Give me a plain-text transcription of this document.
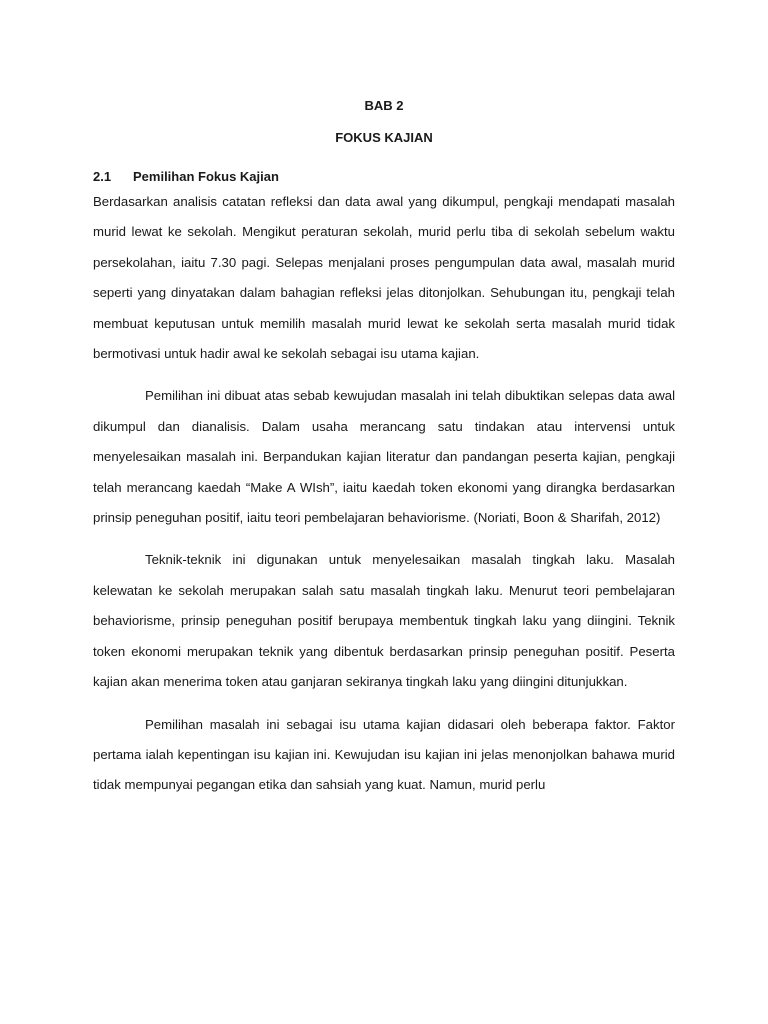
BAB 2
FOKUS KAJIAN
2.1	Pemilihan Fokus Kajian

Berdasarkan analisis catatan refleksi dan data awal yang dikumpul, pengkaji mendapati masalah murid lewat ke sekolah. Mengikut peraturan sekolah, murid perlu tiba di sekolah sebelum waktu persekolahan, iaitu 7.30 pagi. Selepas menjalani proses pengumpulan data awal, masalah murid seperti yang dinyatakan dalam bahagian refleksi jelas ditonjolkan. Sehubungan itu, pengkaji telah membuat keputusan untuk memilih masalah murid lewat ke sekolah serta masalah murid tidak bermotivasi untuk hadir awal ke sekolah sebagai isu utama kajian.

Pemilihan ini dibuat atas sebab kewujudan masalah ini telah dibuktikan selepas data awal dikumpul dan dianalisis. Dalam usaha merancang satu tindakan atau intervensi untuk menyelesaikan masalah ini. Berpandukan kajian literatur dan pandangan peserta kajian, pengkaji telah merancang kaedah “Make A WIsh”, iaitu kaedah token ekonomi yang dirangka berdasarkan prinsip peneguhan positif, iaitu teori pembelajaran behaviorisme. (Noriati, Boon & Sharifah, 2012)

Teknik-teknik ini digunakan untuk menyelesaikan masalah tingkah laku. Masalah kelewatan ke sekolah merupakan salah satu masalah tingkah laku. Menurut teori pembelajaran behaviorisme, prinsip peneguhan positif berupaya membentuk tingkah laku yang diingini. Teknik token ekonomi merupakan teknik yang dibentuk berdasarkan prinsip peneguhan positif. Peserta kajian akan menerima token atau ganjaran sekiranya tingkah laku yang diingini ditunjukkan.

Pemilihan masalah ini sebagai isu utama kajian didasari oleh beberapa faktor. Faktor pertama ialah kepentingan isu kajian ini. Kewujudan isu kajian ini jelas menonjolkan bahawa murid tidak mempunyai pegangan etika dan sahsiah yang kuat. Namun, murid perlu
